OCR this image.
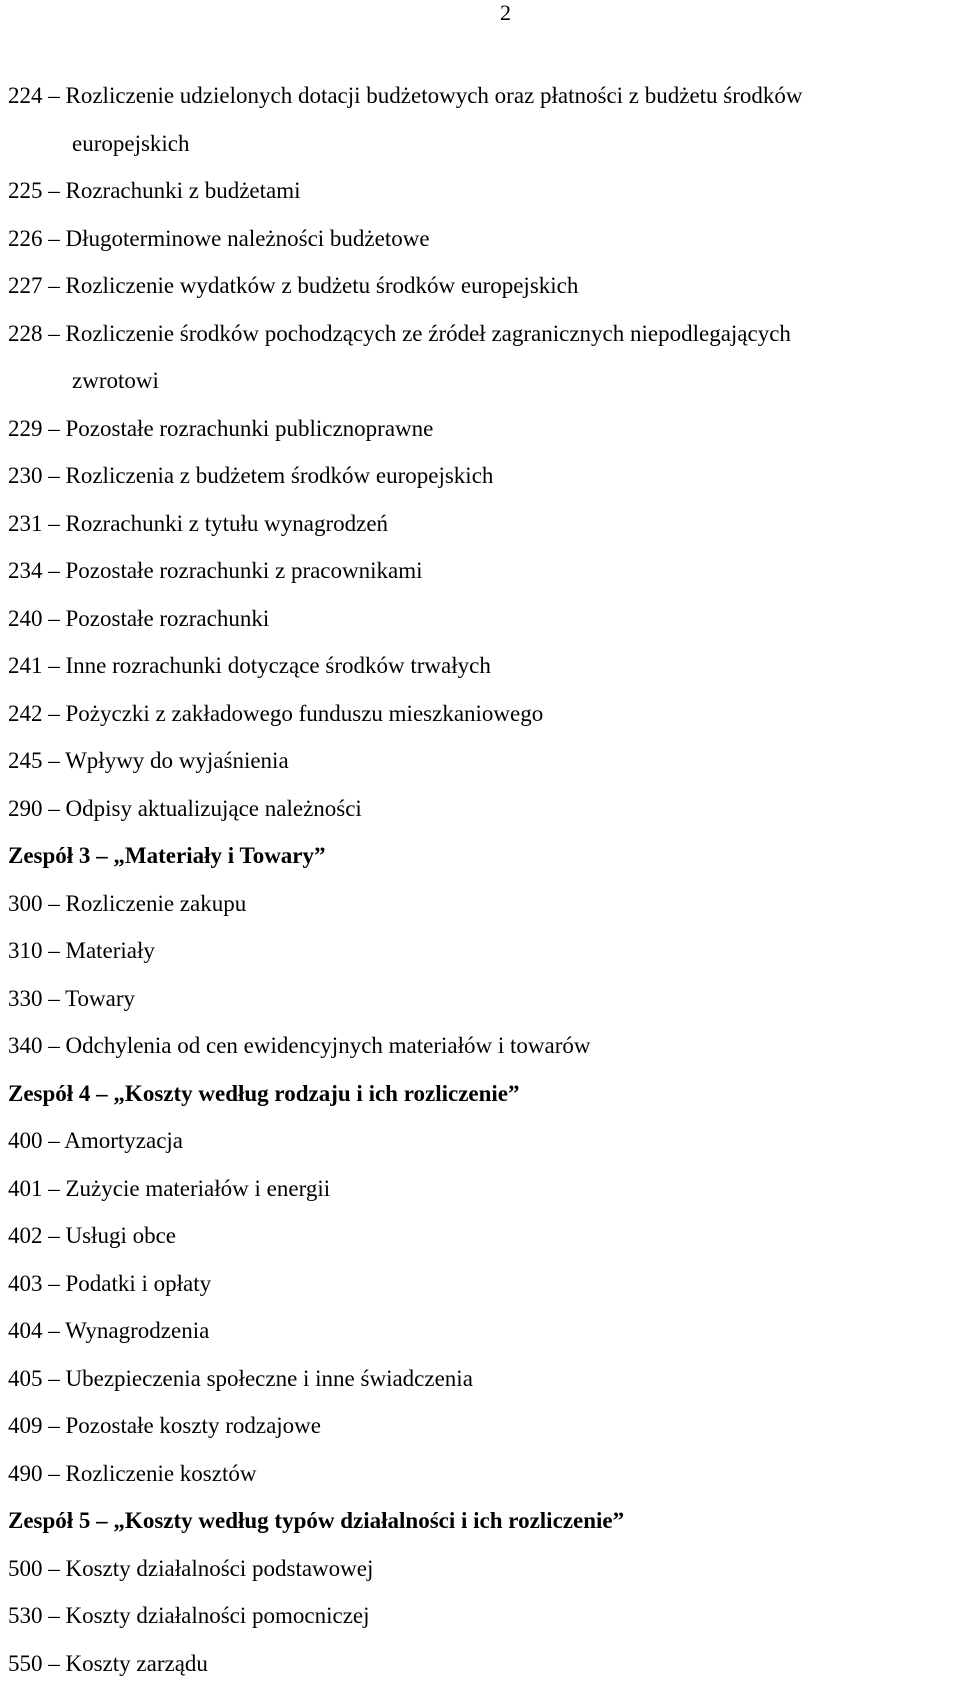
2
224 – Rozliczenie udzielonych dotacji budżetowych oraz płatności z budżetu środków
europejskich
225 – Rozrachunki z budżetami
226 – Długoterminowe należności budżetowe
227 – Rozliczenie wydatków z budżetu środków europejskich
228 – Rozliczenie środków pochodzących ze źródeł zagranicznych niepodlegających
zwrotowi
229 – Pozostałe rozrachunki publicznoprawne
230 – Rozliczenia z budżetem środków europejskich
231 – Rozrachunki z tytułu wynagrodzeń
234 – Pozostałe rozrachunki z pracownikami
240 – Pozostałe rozrachunki
241 – Inne rozrachunki dotyczące środków trwałych
242 – Pożyczki z zakładowego funduszu mieszkaniowego
245 – Wpływy do wyjaśnienia
290 – Odpisy aktualizujące należności
Zespół 3 – „Materiały i Towary”
300 – Rozliczenie zakupu
310 – Materiały
330 – Towary
340 – Odchylenia od cen ewidencyjnych materiałów i towarów
Zespół 4 – „Koszty według rodzaju i ich rozliczenie”
400 – Amortyzacja
401 – Zużycie materiałów i energii
402 – Usługi obce
403 – Podatki i opłaty
404 – Wynagrodzenia
405 – Ubezpieczenia społeczne i inne świadczenia
409 – Pozostałe koszty rodzajowe
490 – Rozliczenie kosztów
Zespół 5 – „Koszty według typów działalności i ich rozliczenie”
500 – Koszty działalności podstawowej
530 – Koszty działalności pomocniczej
550 – Koszty zarządu
